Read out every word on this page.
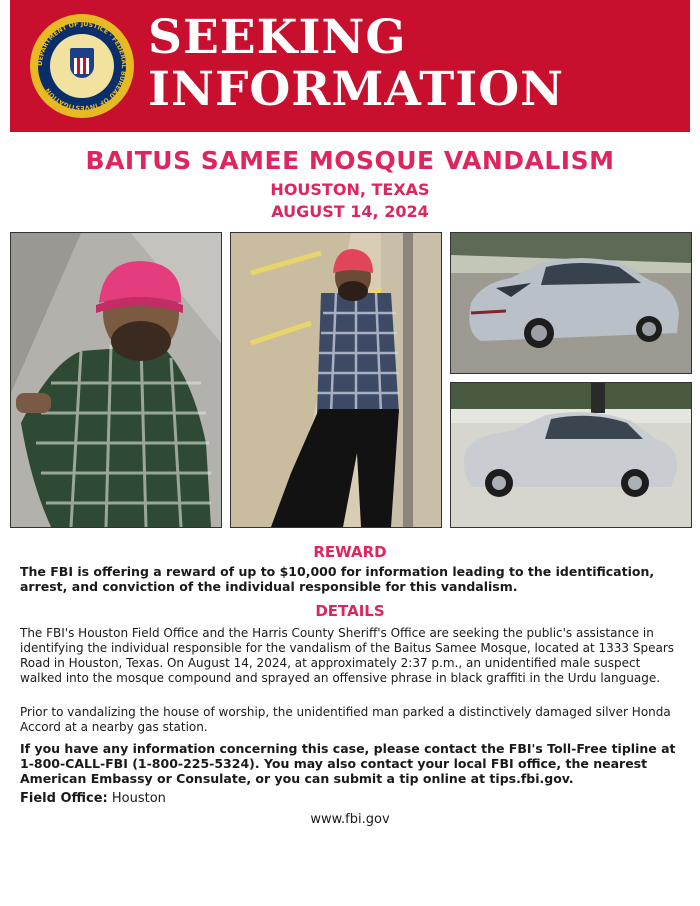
DEPARTMENT OF JUSTICE · FEDERAL BUREAU OF INVESTIGATION
SEEKING
INFORMATION
BAITUS SAMEE MOSQUE VANDALISM
HOUSTON, TEXAS
AUGUST 14, 2024
REWARD
The FBI is offering a reward of up to $10,000 for information leading to the identification, arrest, and conviction of the individual responsible for this vandalism.
DETAILS
The FBI's Houston Field Office and the Harris County Sheriff's Office are seeking the public's assistance in identifying the individual responsible for the vandalism of the Baitus Samee Mosque, located at 1333 Spears Road in Houston, Texas. On August 14, 2024, at approximately 2:37 p.m., an unidentified male suspect walked into the mosque compound and sprayed an offensive phrase in black graffiti in the Urdu language.
Prior to vandalizing the house of worship, the unidentified man parked a distinctively damaged silver Honda Accord at a nearby gas station.
If you have any information concerning this case, please contact the FBI's Toll-Free tipline at 1-800-CALL-FBI (1-800-225-5324). You may also contact your local FBI office, the nearest American Embassy or Consulate, or you can submit a tip online at tips.fbi.gov.
Field Office: Houston
www.fbi.gov
